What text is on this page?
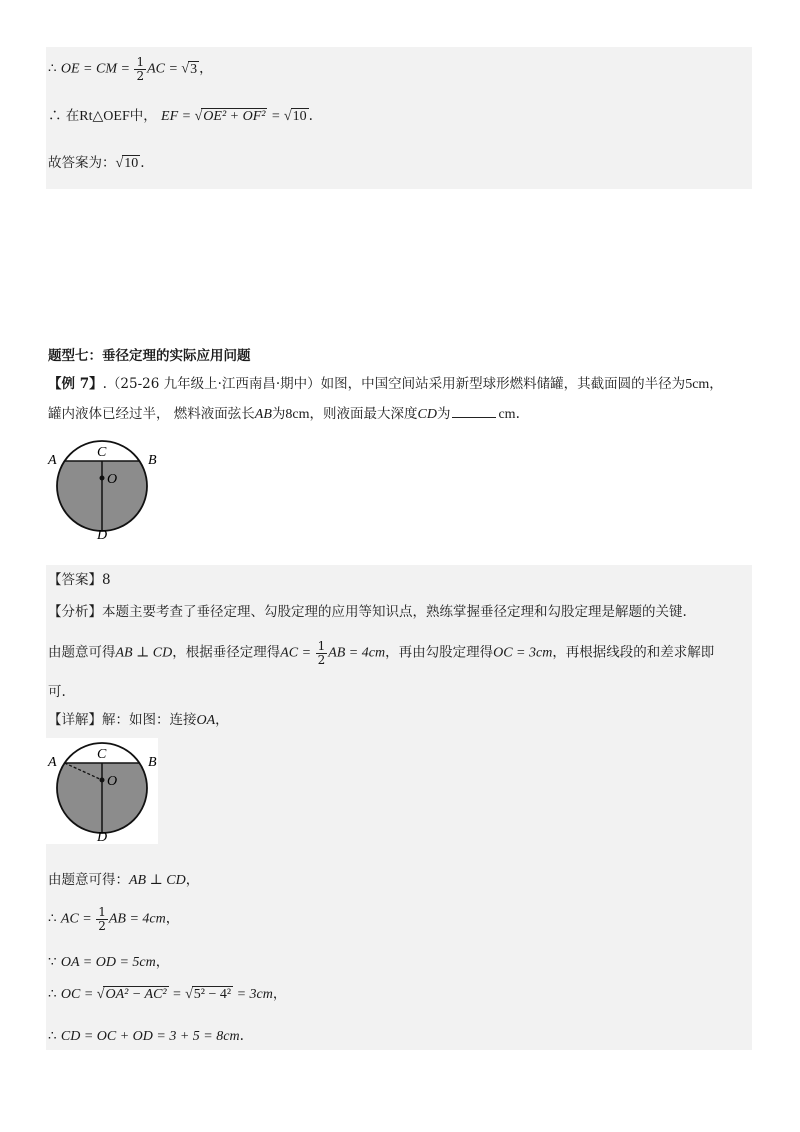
∴ OE = CM = $\frac{1}{2}$ AC = √3 ，
∴ 在Rt△OEF中， EF = √OE² + OF² = √10 .
故答案为：√10 .
题型七：垂径定理的实际应用问题
【例 7】.（25-26 九年级上·江西南昌·期中）如图，中国空间站采用新型球形燃料储罐，其截面圆的半径为5cm，
罐内液体已经过半， 燃料液面弦长AB为8cm，则液面最大深度CD为	cm.
A	B
C
O
D
【答案】8
【分析】本题主要考查了垂径定理、勾股定理的应用等知识点，熟练掌握垂径定理和勾股定理是解题的关键.
由题意可得AB ⊥ CD，根据垂径定理得AC = $\frac{1}{2}$ AB = 4cm，再由勾股定理得OC = 3cm，再根据线段的和差求解即
可.
【详解】解：如图：连接OA，
A	B
C
O
D
由题意可得：AB ⊥ CD，
∴ AC = $\frac{1}{2}$ AB = 4cm，
∵ OA = OD = 5cm，
∴ OC = √OA² − AC² = √5² − 4² = 3cm，
∴ CD = OC + OD = 3 + 5 = 8cm.
